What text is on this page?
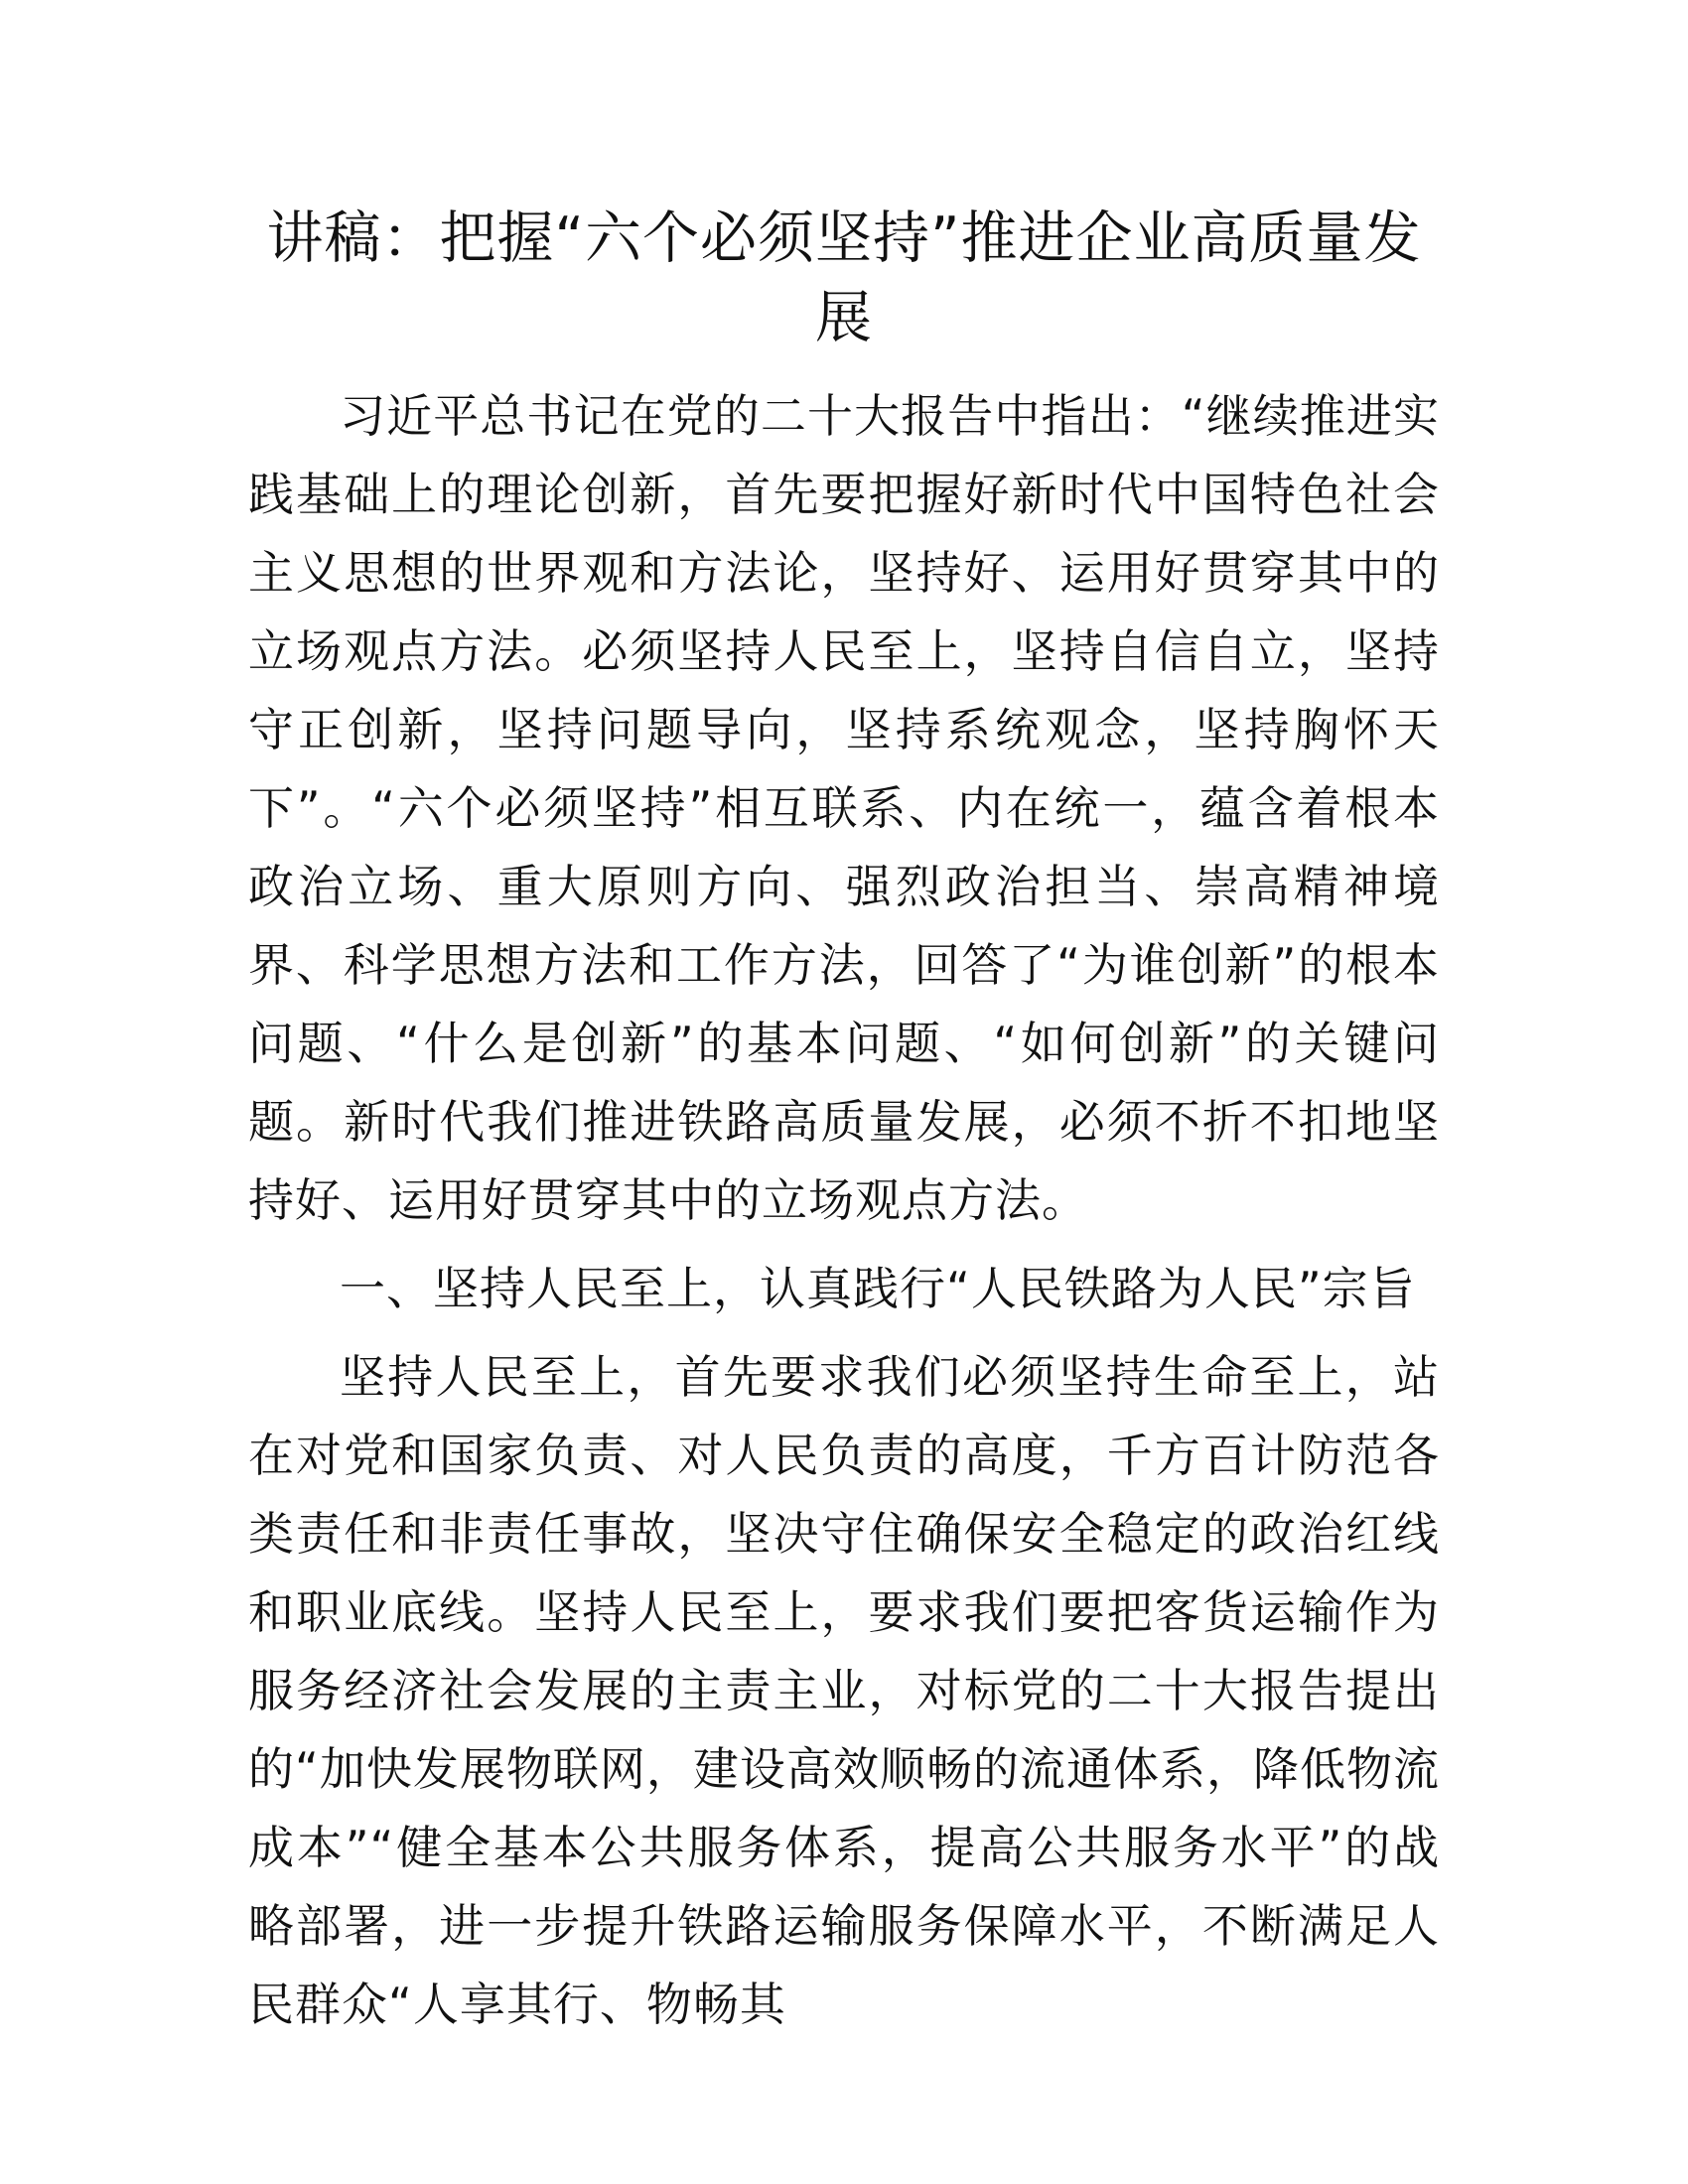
讲稿：把握“六个必须坚持”推进企业高质量发展

习近平总书记在党的二十大报告中指出：“继续推进实践基础上的理论创新，首先要把握好新时代中国特色社会主义思想的世界观和方法论，坚持好、运用好贯穿其中的立场观点方法。必须坚持人民至上，坚持自信自立，坚持守正创新，坚持问题导向，坚持系统观念，坚持胸怀天下”。“六个必须坚持”相互联系、内在统一，蕴含着根本政治立场、重大原则方向、强烈政治担当、崇高精神境界、科学思想方法和工作方法，回答了“为谁创新”的根本问题、“什么是创新”的基本问题、“如何创新”的关键问题。新时代我们推进铁路高质量发展，必须不折不扣地坚持好、运用好贯穿其中的立场观点方法。

一、坚持人民至上，认真践行“人民铁路为人民”宗旨

坚持人民至上，首先要求我们必须坚持生命至上，站在对党和国家负责、对人民负责的高度，千方百计防范各类责任和非责任事故，坚决守住确保安全稳定的政治红线和职业底线。坚持人民至上，要求我们要把客货运输作为服务经济社会发展的主责主业，对标党的二十大报告提出的“加快发展物联网，建设高效顺畅的流通体系，降低物流成本”“健全基本公共服务体系，提高公共服务水平”的战略部署，进一步提升铁路运输服务保障水平，不断满足人民群众“人享其行、物畅其
